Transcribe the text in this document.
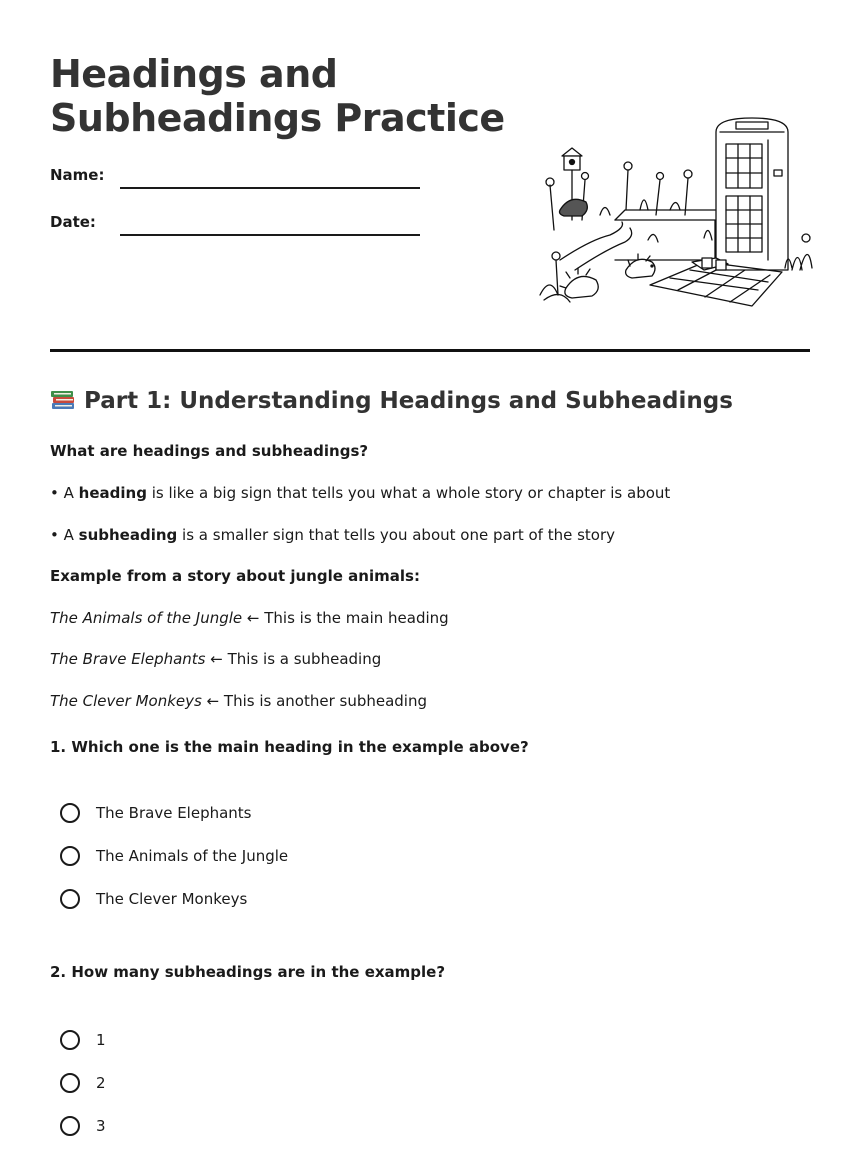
Headings and
Subheadings Practice
Name:
Date:
Part 1: Understanding Headings and Subheadings
What are headings and subheadings?
• A heading is like a big sign that tells you what a whole story or chapter is about
• A subheading is a smaller sign that tells you about one part of the story
Example from a story about jungle animals:
The Animals of the Jungle ← This is the main heading
The Brave Elephants ← This is a subheading
The Clever Monkeys ← This is another subheading
1. Which one is the main heading in the example above?
The Brave Elephants
The Animals of the Jungle
The Clever Monkeys
2. How many subheadings are in the example?
1
2
3
